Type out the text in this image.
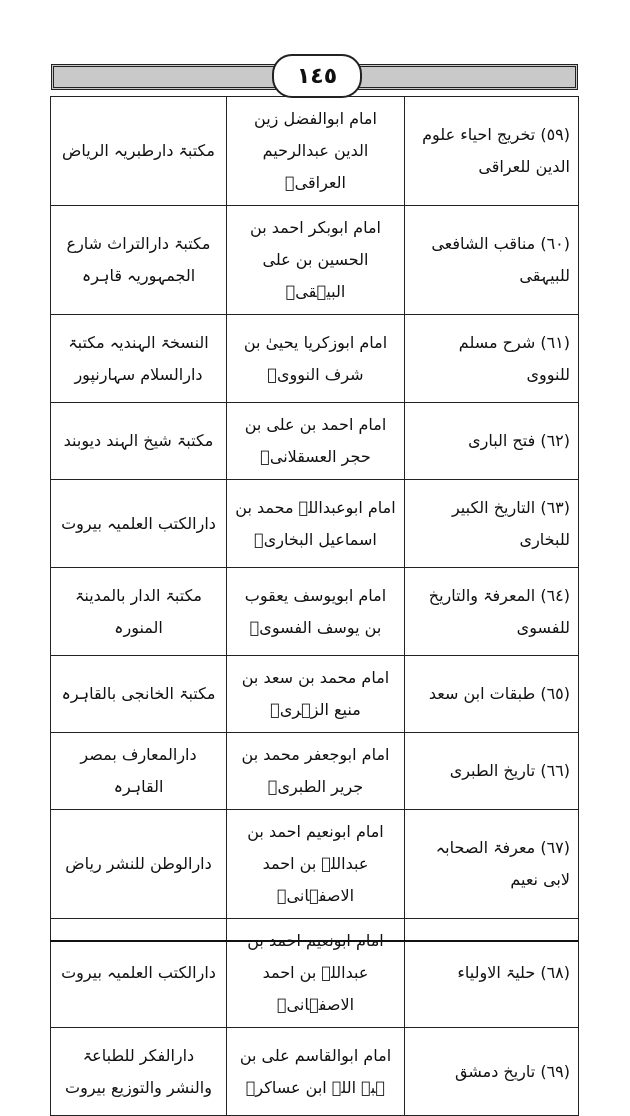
١٤٥
(٥٩) تخریج احیاء علوم الدین للعراقی	امام ابوالفضل زین الدین عبدالرحیم العراقیؒ	مکتبۃ دارطبریہ الریاض
(٦٠) مناقب الشافعی للبیہقی	امام ابوبکر احمد بن الحسین بن علی البیہقیؒ	مکتبۃ دارالتراث شارع الجمہوریہ قاہرہ
(٦١) شرح مسلم للنووی	امام ابوزکریا یحییٰ بن شرف النوویؒ	النسخۃ الہندیہ مکتبۃ دارالسلام سہارنپور
(٦٢) فتح الباری	امام احمد بن علی بن حجر العسقلانیؒ	مکتبۃ شیخ الہند دیوبند
(٦٣) التاریخ الکبیر للبخاری	امام ابوعبداللہ محمد بن اسماعیل البخاریؒ	دارالکتب العلمیہ بیروت
(٦٤) المعرفۃ والتاریخ للفسوی	امام ابویوسف یعقوب بن یوسف الفسویؒ	مکتبۃ الدار بالمدینۃ المنورہ
(٦٥) طبقات ابن سعد	امام محمد بن سعد بن منیع الزہریؒ	مکتبۃ الخانجی بالقاہرہ
(٦٦) تاریخ الطبری	امام ابوجعفر محمد بن جریر الطبریؒ	دارالمعارف بمصر القاہرہ
(٦٧) معرفۃ الصحابہ لابی نعیم	امام ابونعیم احمد بن عبداللہ بن احمد الاصفہانیؒ	دارالوطن للنشر ریاض
(٦٨) حلیۃ الاولیاء	امام ابونعیم احمد بن عبداللہ بن احمد الاصفہانیؒ	دارالکتب العلمیہ بیروت
(٦٩) تاریخ دمشق	امام ابوالقاسم علی بن ہبۃ اللہ ابن عساکرؒ	دارالفکر للطباعۃ والنشر والتوزیع بیروت
